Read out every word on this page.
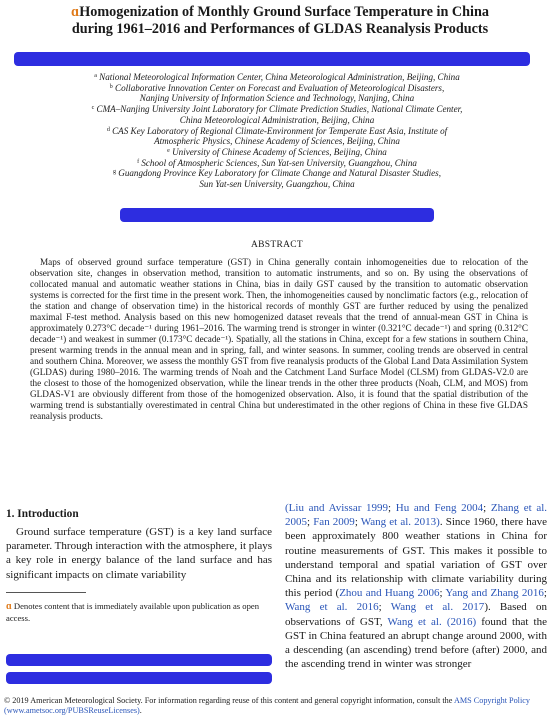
ɑHomogenization of Monthly Ground Surface Temperature in China
during 1961–2016 and Performances of GLDAS Reanalysis Products
$^a$ National Meteorological Information Center, China Meteorological Administration, Beijing, China
$^b$ Collaborative Innovation Center on Forecast and Evaluation of Meteorological Disasters,
Nanjing University of Information Science and Technology, Nanjing, China
$^c$ CMA–Nanjing University Joint Laboratory for Climate Prediction Studies, National Climate Center,
China Meteorological Administration, Beijing, China
$^d$ CAS Key Laboratory of Regional Climate-Environment for Temperate East Asia, Institute of
Atmospheric Physics, Chinese Academy of Sciences, Beijing, China
$^e$ University of Chinese Academy of Sciences, Beijing, China
$^f$ School of Atmospheric Sciences, Sun Yat-sen University, Guangzhou, China
$^g$ Guangdong Province Key Laboratory for Climate Change and Natural Disaster Studies,
Sun Yat-sen University, Guangzhou, China
ABSTRACT
Maps of observed ground surface temperature (GST) in China generally contain inhomogeneities due to relocation of the observation site, changes in observation method, transition to automatic instruments, and so on. By using the observations of collocated manual and automatic weather stations in China, bias in daily GST caused by the transition to automatic observation systems is corrected for the first time in the present work. Then, the inhomogeneities caused by nonclimatic factors (e.g., relocation of the station and change of observation time) in the historical records of monthly GST are further reduced by using the penalized maximal F-test method. Analysis based on this new homogenized dataset reveals that the trend of annual-mean GST in China is approximately 0.273°C decade⁻¹ during 1961–2016. The warming trend is stronger in winter (0.321°C decade⁻¹) and spring (0.312°C decade⁻¹) and weakest in summer (0.173°C decade⁻¹). Spatially, all the stations in China, except for a few stations in southern China, present warming trends in the annual mean and in spring, fall, and winter seasons. In summer, cooling trends are observed in central and southern China. Moreover, we assess the monthly GST from five reanalysis products of the Global Land Data Assimilation System (GLDAS) during 1980–2016. The warming trends of Noah and the Catchment Land Surface Model (CLSM) from GLDAS-V2.0 are the closest to those of the homogenized observation, while the linear trends in the other three products (Noah, CLM, and MOS) from GLDAS-V1 are obviously different from those of the homogenized observation. Also, it is found that the spatial distribution of the warming trend is substantially overestimated in central China but underestimated in the other regions of China in these five GLDAS reanalysis products.
1. Introduction
Ground surface temperature (GST) is a key land surface parameter. Through interaction with the atmosphere, it plays a key role in energy balance of the land surface and has significant impacts on climate variability
ɑ Denotes content that is immediately available upon publication as open access.
(Liu and Avissar 1999; Hu and Feng 2004; Zhang et al. 2005; Fan 2009; Wang et al. 2013). Since 1960, there have been approximately 800 weather stations in China for routine measurements of GST. This makes it possible to understand temporal and spatial variation of GST over China and its relationship with climate variability during this period (Zhou and Huang 2006; Yang and Zhang 2016; Wang et al. 2016; Wang et al. 2017). Based on observations of GST, Wang et al. (2016) found that the GST in China featured an abrupt change around 2000, with a descending (an ascending) trend before (after) 2000, and the ascending trend in winter was stronger
© 2019 American Meteorological Society. For information regarding reuse of this content and general copyright information, consult the AMS Copyright Policy (www.ametsoc.org/PUBSReuseLicenses).
